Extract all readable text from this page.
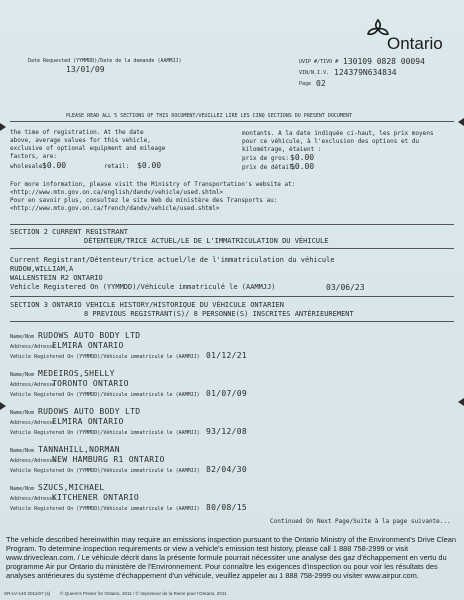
Date Requested (YYMMDD)/Date de la demande (AAMMJJ)
13/01/09
UVIP #/TIVO # 130109 0828 00094
VIN/N.I.V. 124379N634834
Page 02
Ontario
PLEASE READ ALL 5 SECTIONS OF THIS DOCUMENT/VEUILLEZ LIRE LES CINQ SECTIONS DU PRESENT DOCUMENT
the time of registration. At the date
above, average values for this vehicle,
exclusive of optional equipment and mileage
factors, are:
wholesale:
$0.00	retail: $0.00
montants. A la date indiquée ci-haut, les prix moyens
pour ce véhicule, à l'exclusion des options et du
kilométrage, étaient :
prix de gros: $0.00
prix de détail:
$0.00
For more information, please visit the Ministry of Transportation's website at:
<http://www.mto.gov.on.ca/english/dandv/vehicle/used.shtml>
Pour en savoir plus, consultez le site Web du ministère des Transports au:
<http://www.mto.gov.on.ca/french/dandv/vehicle/used.shtml>
SECTION 2 CURRENT REGISTRANT
DÉTENTEUR/TRICE ACTUEL/LE DE L'IMMATRICULATION DU VÉHICULE
Current Registrant/Détenteur/trice actuel/le de l'immatriculation du véhicule
RUDOW,WILLIAM,A
WALLENSTEIN R2 ONTARIO
Vehicle Registered On (YYMMDD)/Véhicule immatriculé le (AAMMJJ)	03/06/23
SECTION 3 ONTARIO VEHICLE HISTORY/HISTORIQUE DU VÉHICULE ONTARIEN
8 PREVIOUS REGISTRANT(S)/ 8 PERSONNE(S) INSCRITES ANTÉRIEUREMENT
Name/Nom RUDOWS AUTO BODY LTD
Address/Adresse
ELMIRA ONTARIO
Vehicle Registered On (YYMMDD)/Véhicule immatriculé le (AAMMJJ) 01/12/21
Name/Nom MEDEIROS,SHELLY
Address/Adresse
TORONTO ONTARIO
Vehicle Registered On (YYMMDD)/Véhicule immatriculé le (AAMMJJ) 01/07/09
Name/Nom RUDOWS AUTO BODY LTD
Address/Adresse
ELMIRA ONTARIO
Vehicle Registered On (YYMMDD)/Véhicule immatriculé le (AAMMJJ) 93/12/08
Name/Nom TANNAHILL,NORMAN
Address/Adresse
NEW HAMBURG R1 ONTARIO
Vehicle Registered On (YYMMDD)/Véhicule immatriculé le (AAMMJJ) 82/04/30
Name/Nom SZUCS,MICHAEL
Address/Adresse
KITCHENER ONTARIO
Vehicle Registered On (YYMMDD)/Véhicule immatriculé le (AAMMJJ) 80/08/15
Continued On Next Page/Suite à la page suivante...
The vehicle described hereinwithin may require an emissions inspection pursuant to the Ontario Ministry of the Environment's Drive Clean Program. To determine inspection requirements or view a vehicle's emission test history, please call 1 888 758-2999 or visit www.driveclean.com. / Le véhicule décrit dans la présente formule pourrait nécessiter une analyse des gaz d'échappement en vertu du programme Air pur Ontario du ministère de l'Environnement. Pour connaître les exigences d'inspection ou pour voir les résultats des analyses antérieures du système d'échappement d'un véhicule, veuillez appeler au 1 888 758-2999 ou visiter www.airpur.com.
SR-LV-140 2011/07 (s) © Queen's Printer for Ontario, 2011 / © Imprimeur de la Reine pour l'Ontario, 2011
